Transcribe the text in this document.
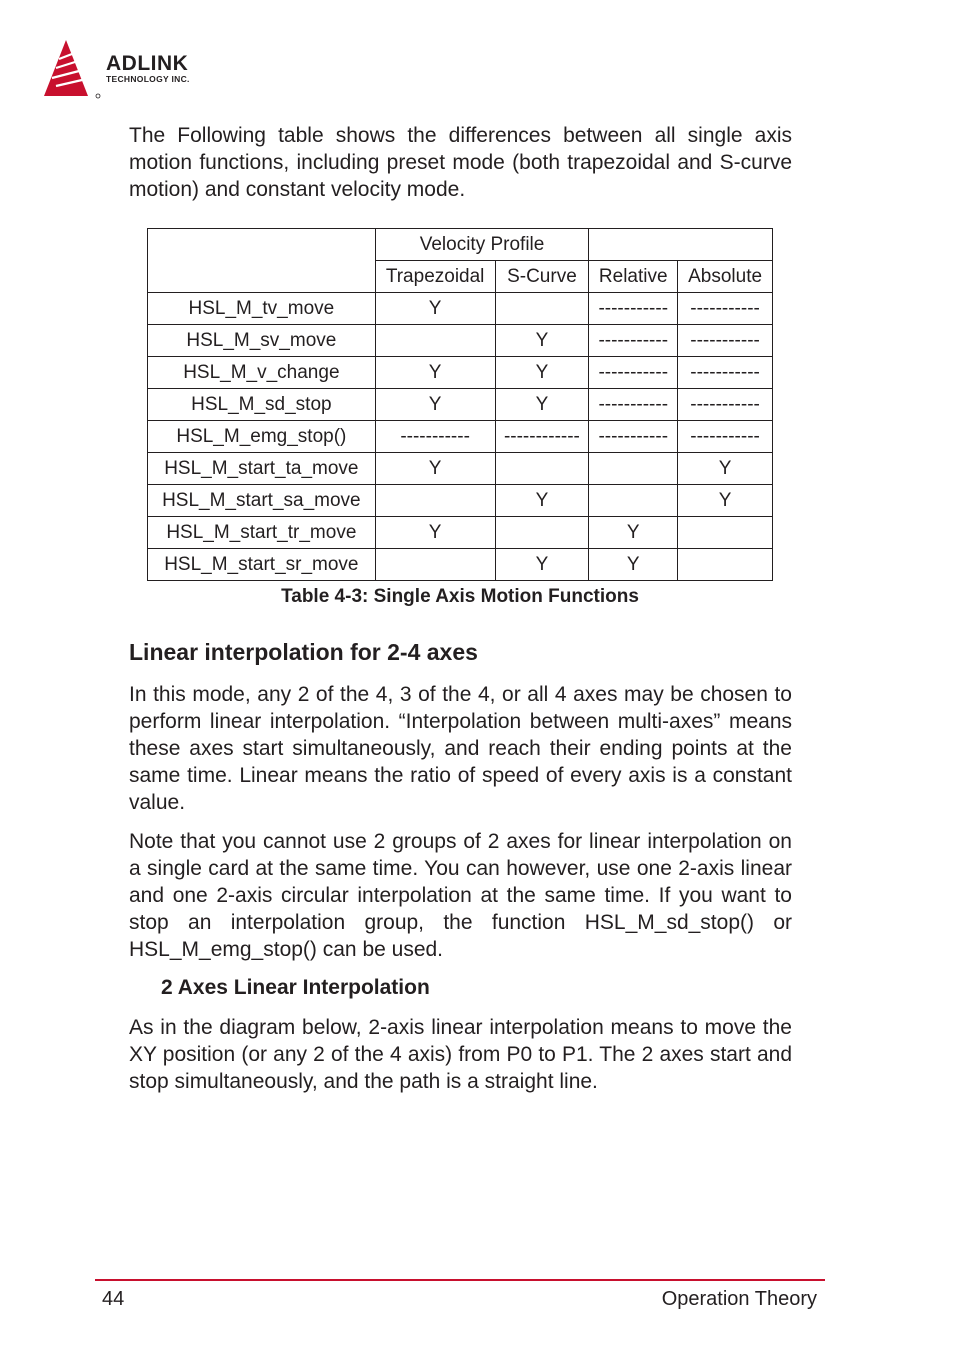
ADLINK
TECHNOLOGY INC.

The Following table shows the differences between all single axis motion functions, including preset mode (both trapezoidal and S-curve motion) and constant velocity mode.

	Velocity Profile			
	Trapezoidal	S-Curve	Relative	Absolute
HSL_M_tv_move	Y		-----------	-----------
HSL_M_sv_move		Y	-----------	-----------
HSL_M_v_change	Y	Y	-----------	-----------
HSL_M_sd_stop	Y	Y	-----------	-----------
HSL_M_emg_stop()	-----------	------------	-----------	-----------
HSL_M_start_ta_move	Y			Y
HSL_M_start_sa_move		Y		Y
HSL_M_start_tr_move	Y		Y	
HSL_M_start_sr_move		Y	Y	
Table 4-3: Single Axis Motion Functions
Linear interpolation for 2-4 axes

In this mode, any 2 of the 4, 3 of the 4, or all 4 axes may be chosen to perform linear interpolation. “Interpolation between multi-axes” means these axes start simultaneously, and reach their ending points at the same time. Linear means the ratio of speed of every axis is a constant value.

Note that you cannot use 2 groups of 2 axes for linear interpolation on a single card at the same time. You can however, use one 2-axis linear and one 2-axis circular interpolation at the same time. If you want to stop an interpolation group, the function HSL_M_sd_stop() or HSL_M_emg_stop() can be used.

2 Axes Linear Interpolation

As in the diagram below, 2-axis linear interpolation means to move the XY position (or any 2 of the 4 axis) from P0 to P1. The 2 axes start and stop simultaneously, and the path is a straight line.

44	Operation Theory
